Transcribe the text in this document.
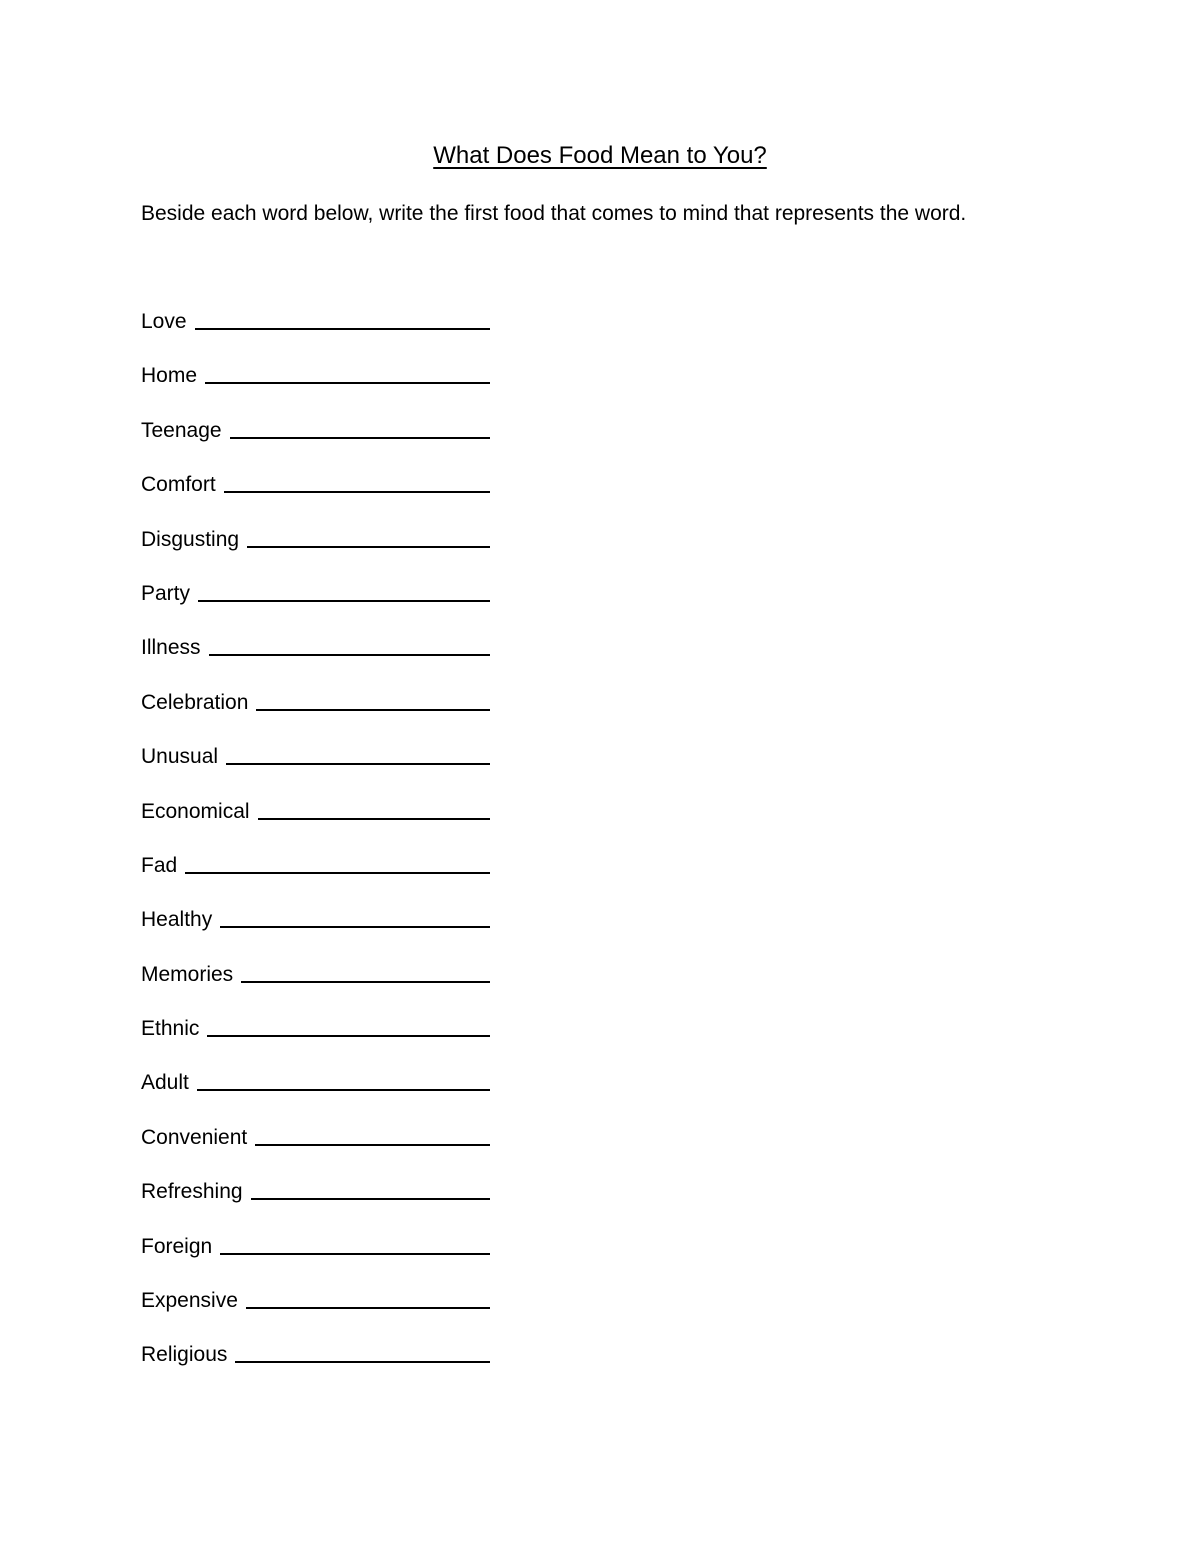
What Does Food Mean to You?

Beside each word below, write the first food that comes to mind that represents the word.

Love
Home
Teenage
Comfort
Disgusting
Party
Illness
Celebration
Unusual
Economical
Fad
Healthy
Memories
Ethnic
Adult
Convenient
Refreshing
Foreign
Expensive
Religious
